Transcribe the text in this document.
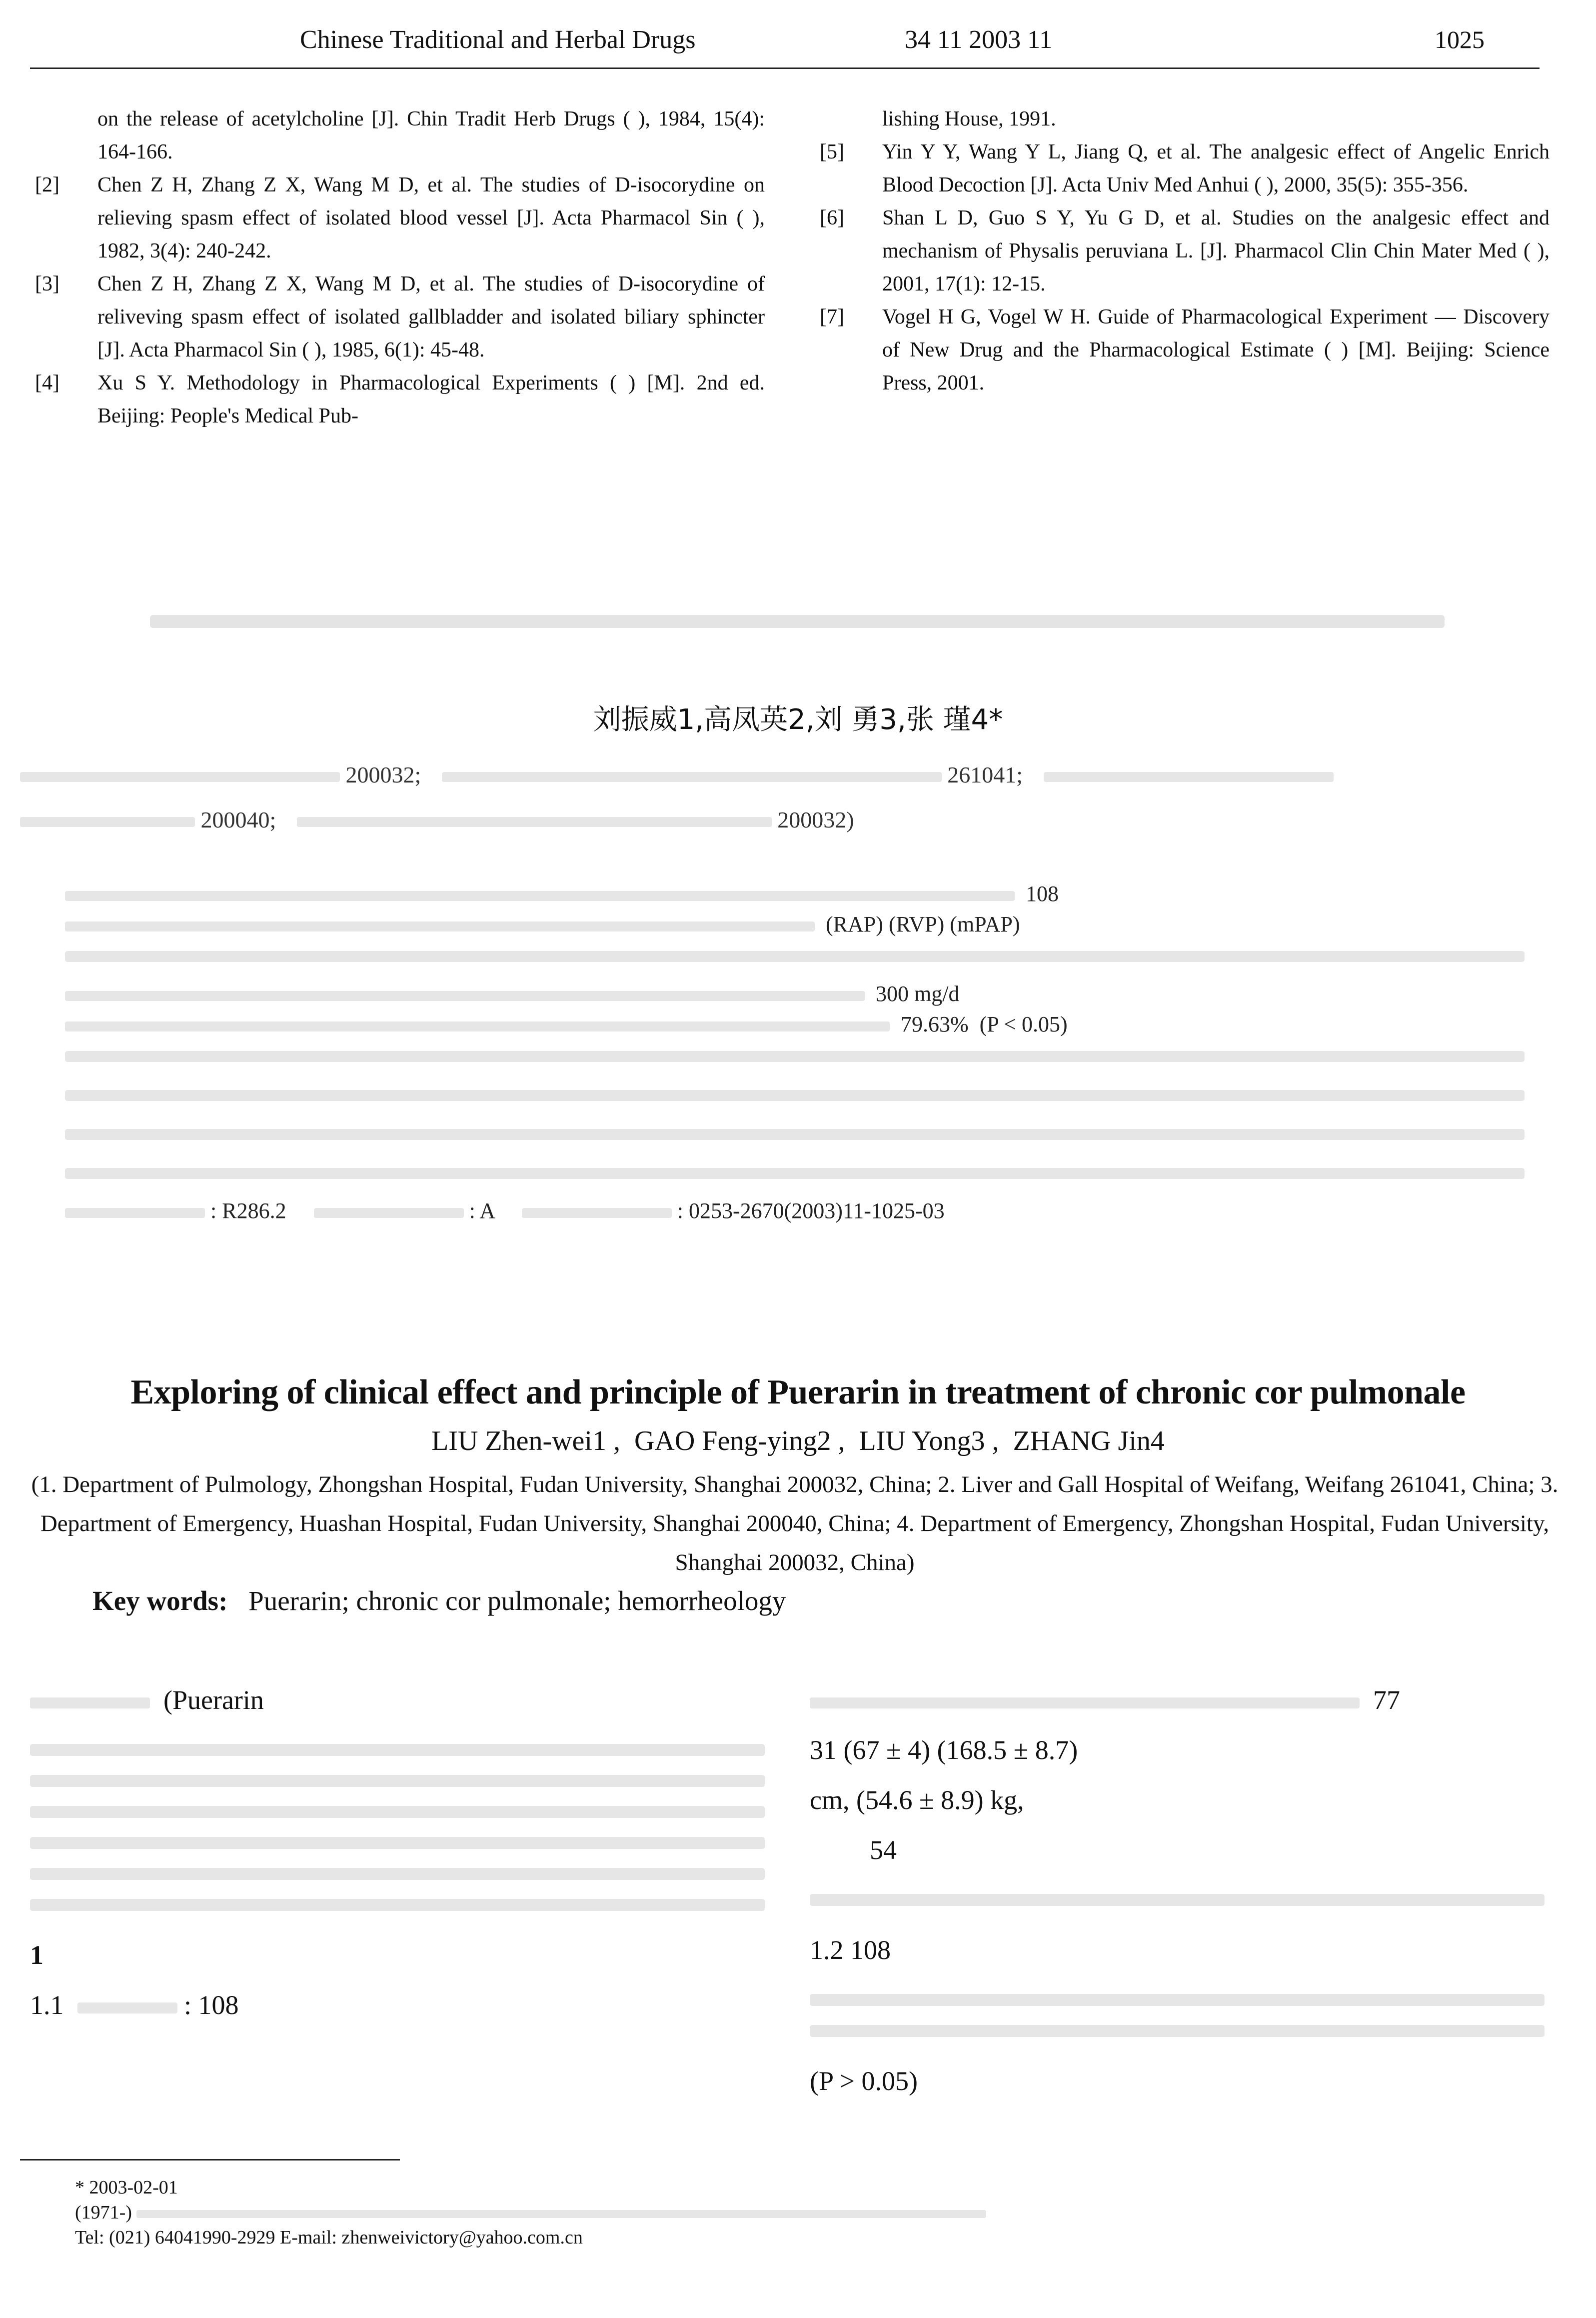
Chinese Traditional and Herbal Drugs	34 11 2003 11	1025
on the release of acetylcholine [J]. Chin Tradit Herb Drugs ( ), 1984, 15(4): 164-166.
[2]	Chen Z H, Zhang Z X, Wang M D, et al. The studies of D-isocorydine on relieving spasm effect of isolated blood vessel [J]. Acta Pharmacol Sin ( ), 1982, 3(4): 240-242.
[3]	Chen Z H, Zhang Z X, Wang M D, et al. The studies of D-isocorydine of reliveving spasm effect of isolated gallbladder and isolated biliary sphincter [J]. Acta Pharmacol Sin ( ), 1985, 6(1): 45-48.
[4]	Xu S Y. Methodology in Pharmacological Experiments ( ) [M]. 2nd ed. Beijing: People's Medical Pub-
lishing House, 1991.
[5]	Yin Y Y, Wang Y L, Jiang Q, et al. The analgesic effect of Angelic Enrich Blood Decoction [J]. Acta Univ Med Anhui ( ), 2000, 35(5): 355-356.
[6]	Shan L D, Guo S Y, Yu G D, et al. Studies on the analgesic effect and mechanism of Physalis peruviana L. [J]. Pharmacol Clin Chin Mater Med ( ), 2001, 17(1): 12-15.
[7]	Vogel H G, Vogel W H. Guide of Pharmacological Experiment — Discovery of New Drug and the Pharmacological Estimate ( ) [M]. Beijing: Science Press, 2001.
刘振威1,高凤英2,刘 勇3,张 瑾4*
200032;	261041;
200040;	200032)
108
(RAP) (RVP) (mPAP)
300 mg/d
79.63% (P < 0.05)
: R286.2	: A	: 0253-2670(2003)11-1025-03
Exploring of clinical effect and principle of Puerarin in treatment of chronic cor pulmonale
LIU Zhen-wei1 , GAO Feng-ying2 , LIU Yong3 , ZHANG Jin4
(1. Department of Pulmology, Zhongshan Hospital, Fudan University, Shanghai 200032, China; 2. Liver and Gall Hospital of Weifang, Weifang 261041, China; 3. Department of Emergency, Huashan Hospital, Fudan University, Shanghai 200040, China; 4. Department of Emergency, Zhongshan Hospital, Fudan University, Shanghai 200032, China)
Key words: Puerarin; chronic cor pulmonale; hemorrheology
(Puerarin
1
1.1	: 108
77
31 (67 ± 4) (168.5 ± 8.7)
cm, (54.6 ± 8.9) kg,
54
1.2 108
(P > 0.05)
* 2003-02-01
(1971-)
Tel: (021) 64041990-2929 E-mail: zhenweivictory@yahoo.com.cn
